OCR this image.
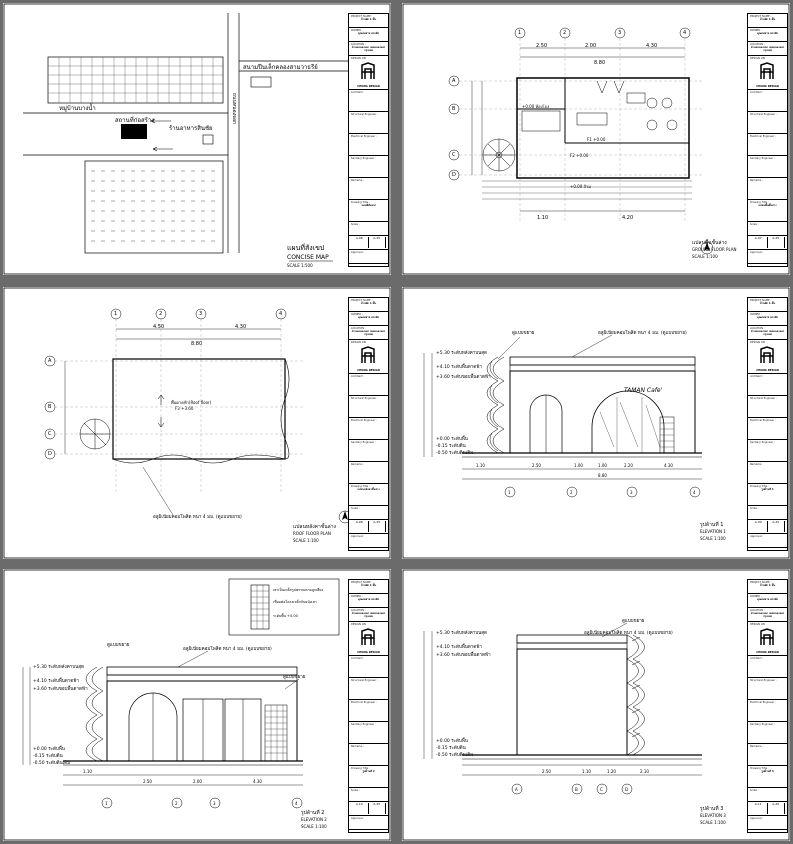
หมู่บ้านบางน้ำ
สนามปืนเล็กคลองสามวาธรีย์
ถนนหนองจอก
สถานที่ก่อสร้าง
ร้านอาหารสินชัย
แผนที่สังเขป
CONCISE MAP
SCALE 1:500
PROJECT NAME :
บ้านพัก 1 ชั้น
OWNER :
คุณสมชาย ทรงชัย
LOCATION :
ตำบลหนองจอก เขตหนองจอก กรุงเทพ
DESIGN ON
CHONG DESIGN
Architect :
Structural Engineer :
Electrical Engineer :
Sanitary Engineer :
Remarks :
Drawing Title :
แผนที่สังเขป
Scale :
A-06	A-25
Approval :
1	2	3	4
A
B
C
D
2.50	2.00	4.30
8.80
+0.00 ห้องโถง
F1 +0.00
F2 +0.00
+0.00 ส้วม
1.10	4.20
แปลนพื้นชั้นล่าง
GROUND FLOOR PLAN
SCALE 1:100
PROJECT NAME :
บ้านพัก 1 ชั้น
OWNER :
คุณสมชาย ทรงชัย
LOCATION :
ตำบลหนองจอก เขตหนองจอก กรุงเทพ
DESIGN ON
CHONG DESIGN
Architect :
Structural Engineer :
Electrical Engineer :
Sanitary Engineer :
Remarks :
Drawing Title :
แปลนพื้นชั้นล่าง
Scale :
A-07	A-25
Approval :
1	2	3	4
A
B
C
D
4.50	4.30
8.80
พื้นดาดฟ้า(Roof floor)
F3 +3.60
อลูมิเนียมคอมโพสิต หนา 4 มม. (ดูแบบขยาย)
แปลนหลังคาชั้นล่าง
ROOF FLOOR PLAN
SCALE 1:100
PROJECT NAME :
บ้านพัก 1 ชั้น
OWNER :
คุณสมชาย ทรงชัย
LOCATION :
ตำบลหนองจอก เขตหนองจอก กรุงเทพ
DESIGN ON
CHONG DESIGN
Architect :
Structural Engineer :
Electrical Engineer :
Sanitary Engineer :
Remarks :
Drawing Title :
แปลนหลังคาชั้นล่าง
Scale :
A-08	A-25
Approval :
+5.30 ระดับหลังคาบนสุด
+4.10 ระดับพื้นดาดฟ้า
+3.60 ระดับขอบพื้นดาดฟ้า
+0.00 ระดับพื้น
-0.15 ระดับดิน
-0.50 ระดับดินเดิม
ดูแบบขยาย	อลูมิเนียมคอมโพสิต หนา 4 มม. (ดูแบบขยาย)
TAMAN Cafe'
1.10	2.50	1.00	1.00	2.20	4.30
8.80
1	2	3	4
รูปด้านที่ 1
ELEVATION 1
SCALE 1:100
PROJECT NAME :
บ้านพัก 1 ชั้น
OWNER :
คุณสมชาย ทรงชัย
LOCATION :
ตำบลหนองจอก เขตหนองจอก กรุงเทพ
DESIGN ON
CHONG DESIGN
Architect :
Structural Engineer :
Electrical Engineer :
Sanitary Engineer :
Remarks :
Drawing Title :
รูปด้านที่ 1
Scale :
A-09	A-25
Approval :
เสาเป็นเหล็กรูปพรรณตามลูกเสียง
เชื่อมต่อโครงเหล็กกับผนังเสา
ระดับพื้น +0.00
+5.30 ระดับหลังคาบนสุด
+4.10 ระดับพื้นดาดฟ้า
+3.60 ระดับขอบพื้นดาดฟ้า
+0.00 ระดับพื้น
-0.15 ระดับดิน
-0.50 ระดับดินเดิม
ดูแบบขยาย
อลูมิเนียมคอมโพสิต หนา 4 มม. (ดูแบบขยาย)
ดูแบบขยาย
1.10
2.50	2.00	4.30
1	2	3	4
รูปด้านที่ 2
ELEVATION 2
SCALE 1:100
PROJECT NAME :
บ้านพัก 1 ชั้น
OWNER :
คุณสมชาย ทรงชัย
LOCATION :
ตำบลหนองจอก เขตหนองจอก กรุงเทพ
DESIGN ON
CHONG DESIGN
Architect :
Structural Engineer :
Electrical Engineer :
Sanitary Engineer :
Remarks :
Drawing Title :
รูปด้านที่ 2
Scale :
A-10	A-25
Approval :
+5.30 ระดับหลังคาบนสุด
+4.10 ระดับพื้นดาดฟ้า
+3.60 ระดับขอบพื้นดาดฟ้า
+0.00 ระดับพื้น
-0.15 ระดับดิน
-0.50 ระดับดินเดิม
ดูแบบขยาย
อลูมิเนียมคอมโพสิต หนา 4 มม. (ดูแบบขยาย)
2.50	1.10	1.20	2.10
A	B	C	D
รูปด้านที่ 3
ELEVATION 3
SCALE 1:100
PROJECT NAME :
บ้านพัก 1 ชั้น
OWNER :
คุณสมชาย ทรงชัย
LOCATION :
ตำบลหนองจอก เขตหนองจอก กรุงเทพ
DESIGN ON
CHONG DESIGN
Architect :
Structural Engineer :
Electrical Engineer :
Sanitary Engineer :
Remarks :
Drawing Title :
รูปด้านที่ 3
Scale :
A-11	A-25
Approval :
